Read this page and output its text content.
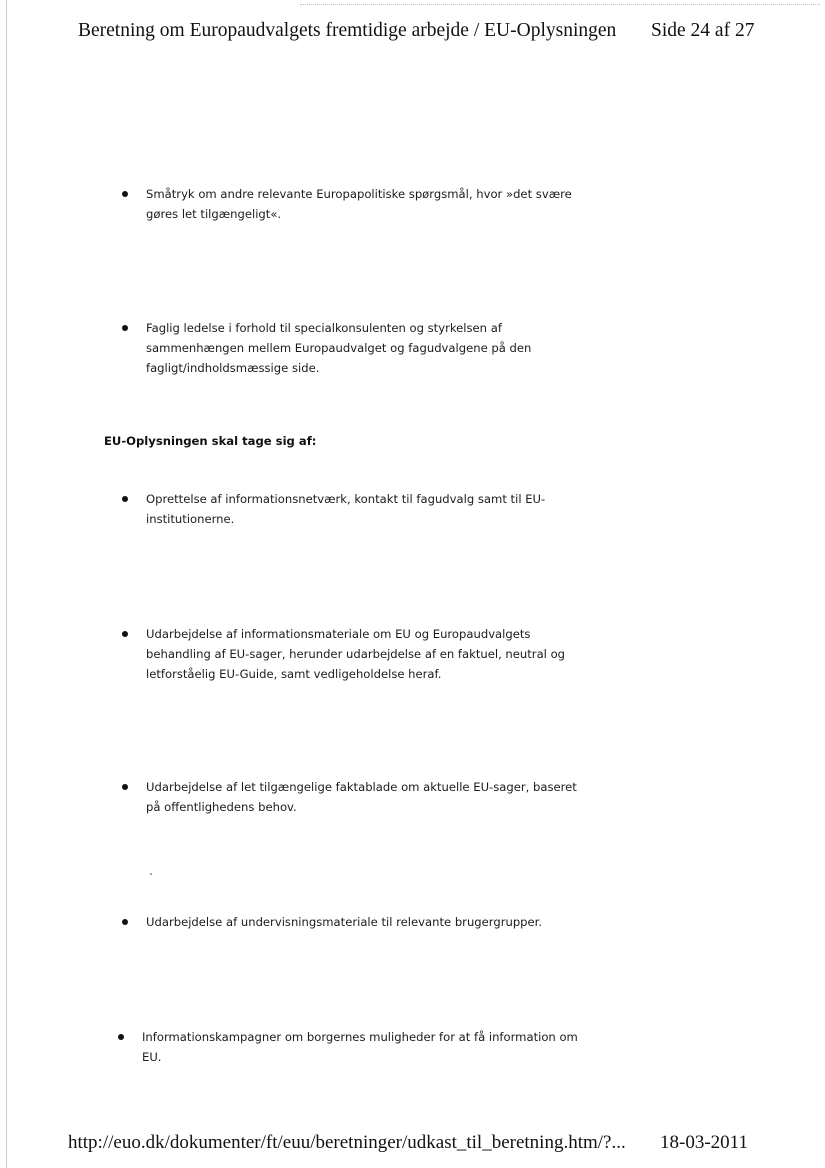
Beretning om Europaudvalgets fremtidige arbejde / EU-Oplysningen Side 24 af 27
Småtryk om andre relevante Europapolitiske spørgsmål, hvor »det svære
gøres let tilgængeligt«.
Faglig ledelse i forhold til specialkonsulenten og styrkelsen af
sammenhængen mellem Europaudvalget og fagudvalgene på den
fagligt/indholdsmæssige side.
EU-Oplysningen skal tage sig af:
Oprettelse af informationsnetværk, kontakt til fagudvalg samt til EU-
institutionerne.
Udarbejdelse af informationsmateriale om EU og Europaudvalgets
behandling af EU-sager, herunder udarbejdelse af en faktuel, neutral og
letforståelig EU-Guide, samt vedligeholdelse heraf.
Udarbejdelse af let tilgængelige faktablade om aktuelle EU-sager, baseret
på offentlighedens behov.
Udarbejdelse af undervisningsmateriale til relevante brugergrupper.
Informationskampagner om borgernes muligheder for at få information om
EU.
http://euo.dk/dokumenter/ft/euu/beretninger/udkast_til_beretning.htm/?... 18-03-2011
